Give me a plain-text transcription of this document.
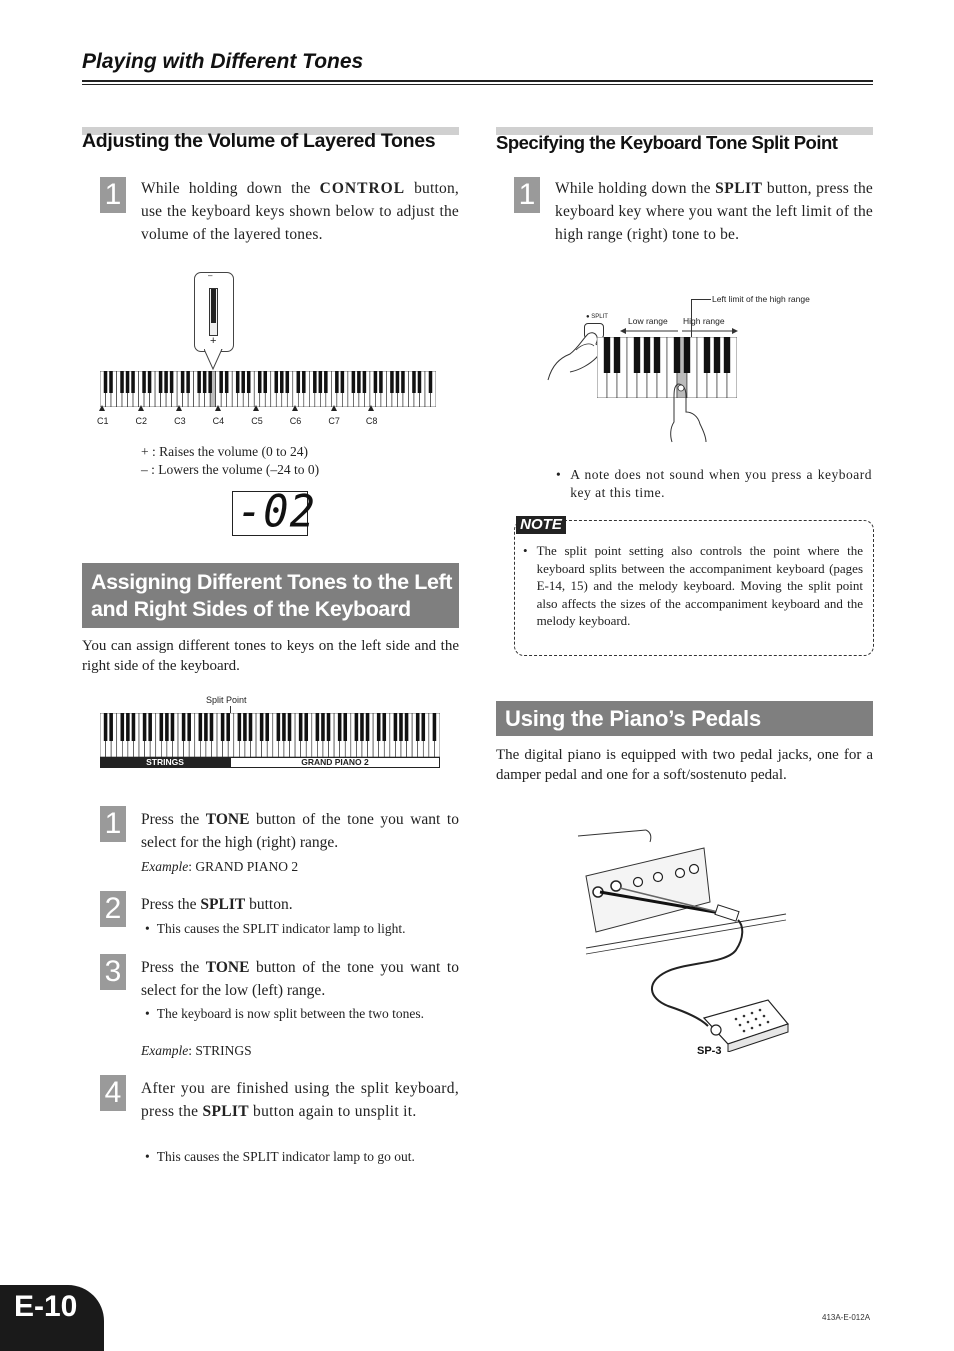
Playing with Different Tones
Adjusting the Volume of Layered Tones
1	While holding down the CONTROL button, use the keyboard keys shown below to adjust the volume of the layered tones.
–
+
C1	C2	C3	C4	C5	C6	C7	C8
+ : Raises the volume (0 to 24)
– : Lowers the volume (–24 to 0)
-02
Assigning Different Tones to the Left
and Right Sides of the Keyboard
You can assign different tones to keys on the left side and the right side of the keyboard.
Split Point
STRINGS	GRAND PIANO 2
1	Press the TONE button of the tone you want to select for the high (right) range.
Example: GRAND PIANO 2
2	Press the SPLIT button.
• This causes the SPLIT indicator lamp to light.
3	Press the TONE button of the tone you want to select for the low (left) range.
• The keyboard is now split between the two tones.
Example: STRINGS
4	After you are finished using the split keyboard, press the SPLIT button again to unsplit it.
• This causes the SPLIT indicator lamp to go out.
Specifying the Keyboard Tone Split Point
1	While holding down the SPLIT button, press the keyboard key where you want the left limit of the high range (right) tone to be.
Left limit of the high range
Low range High range
● SPLIT
• A note does not sound when you press a keyboard key at this time.
NOTE
• The split point setting also controls the point where the keyboard splits between the accompaniment keyboard (pages E-14, 15) and the melody keyboard. Moving the split point also affects the sizes of the accompaniment keyboard and the melody keyboard.
Using the Piano’s Pedals
The digital piano is equipped with two pedal jacks, one for a damper pedal and one for a soft/sostenuto pedal.
SP-3
E-10	413A-E-012A
